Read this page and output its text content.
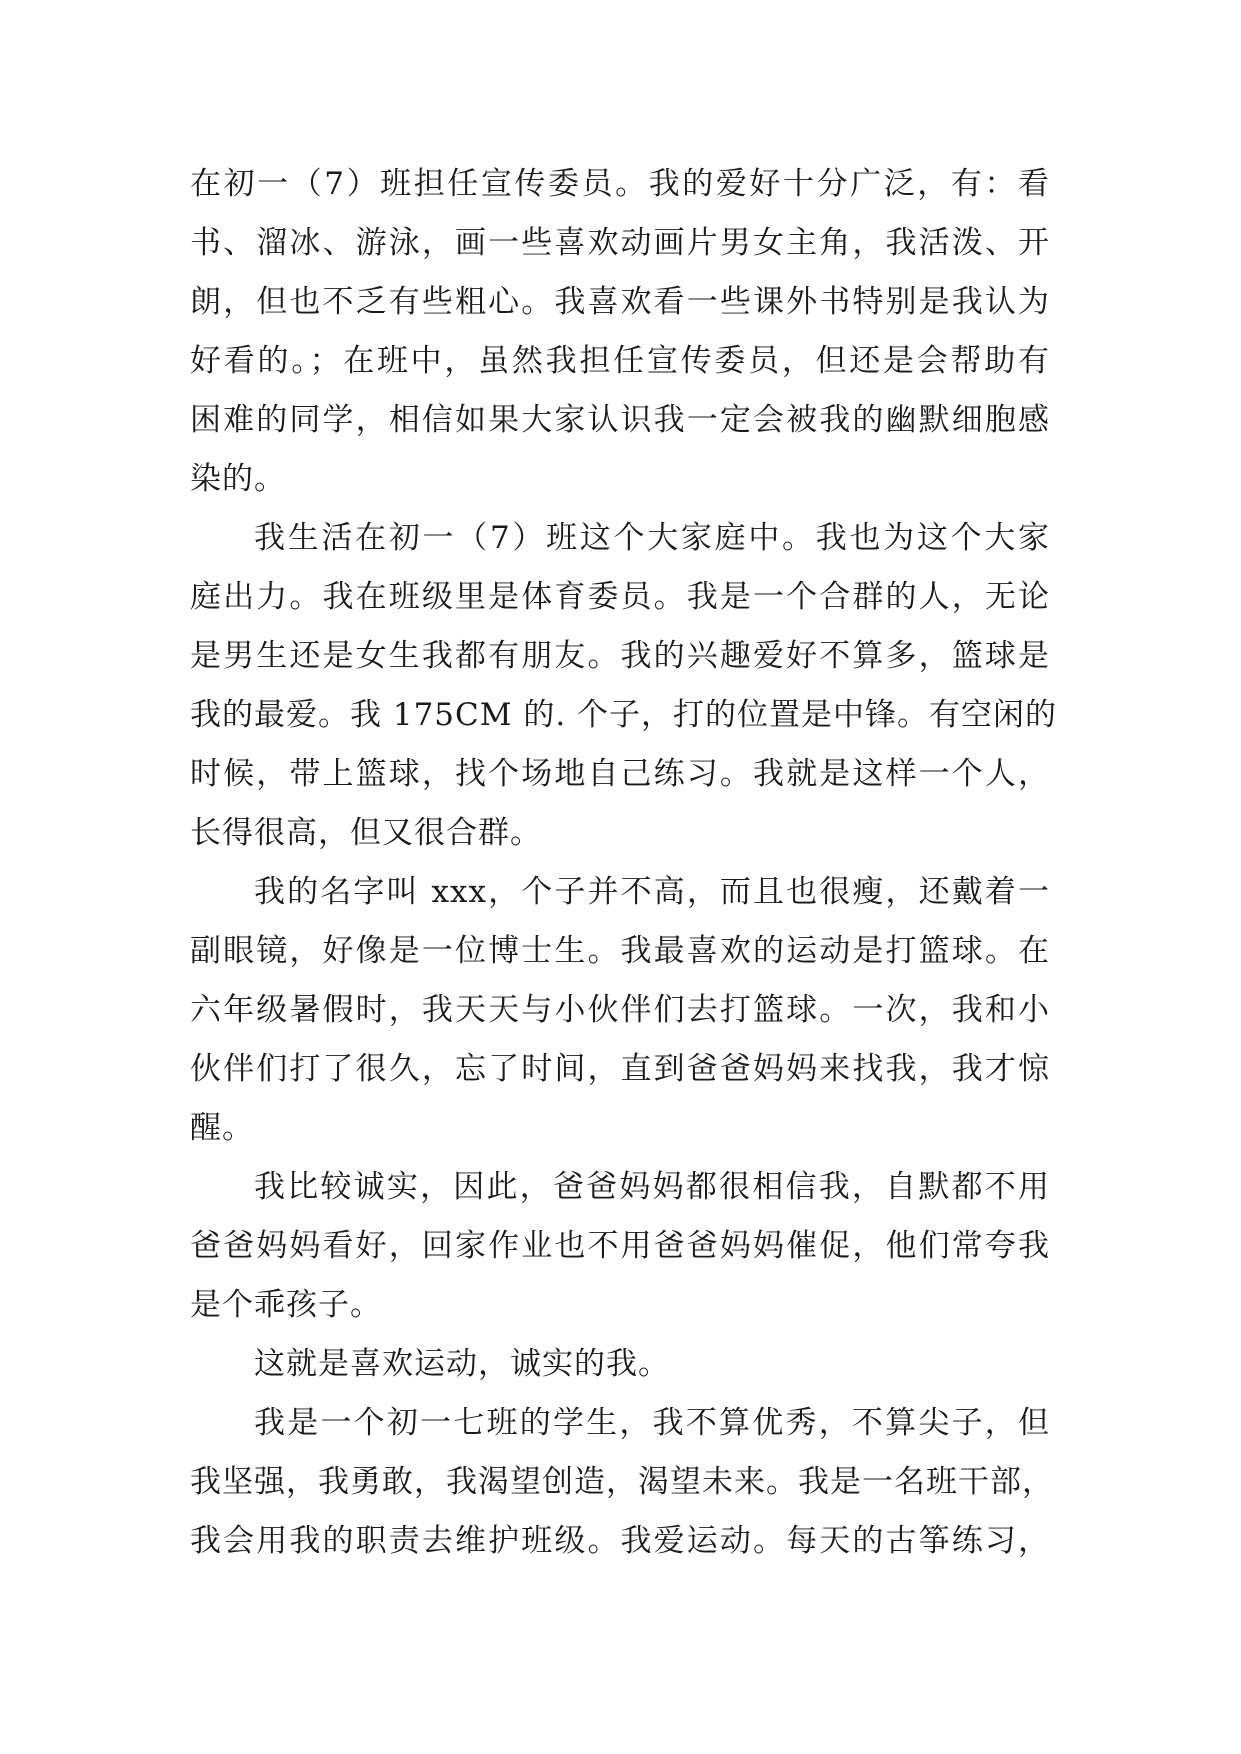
在初一（7）班担任宣传委员。我的爱好十分广泛，有：看
书、溜冰、游泳，画一些喜欢动画片男女主角，我活泼、开
朗，但也不乏有些粗心。我喜欢看一些课外书特别是我认为
好看的。；在班中，虽然我担任宣传委员，但还是会帮助有
困难的同学，相信如果大家认识我一定会被我的幽默细胞感
染的。
我生活在初一（7）班这个大家庭中。我也为这个大家
庭出力。我在班级里是体育委员。我是一个合群的人，无论
是男生还是女生我都有朋友。我的兴趣爱好不算多，篮球是
我的最爱。我 175CM 的. 个子，打的位置是中锋。有空闲的
时候，带上篮球，找个场地自己练习。我就是这样一个人，
长得很高，但又很合群。
我的名字叫 xxx，个子并不高，而且也很瘦，还戴着一
副眼镜，好像是一位博士生。我最喜欢的运动是打篮球。在
六年级暑假时，我天天与小伙伴们去打篮球。一次，我和小
伙伴们打了很久，忘了时间，直到爸爸妈妈来找我，我才惊
醒。
我比较诚实，因此，爸爸妈妈都很相信我，自默都不用
爸爸妈妈看好，回家作业也不用爸爸妈妈催促，他们常夸我
是个乖孩子。
这就是喜欢运动，诚实的我。
我是一个初一七班的学生，我不算优秀，不算尖子，但
我坚强，我勇敢，我渴望创造，渴望未来。我是一名班干部，
我会用我的职责去维护班级。我爱运动。每天的古筝练习，
